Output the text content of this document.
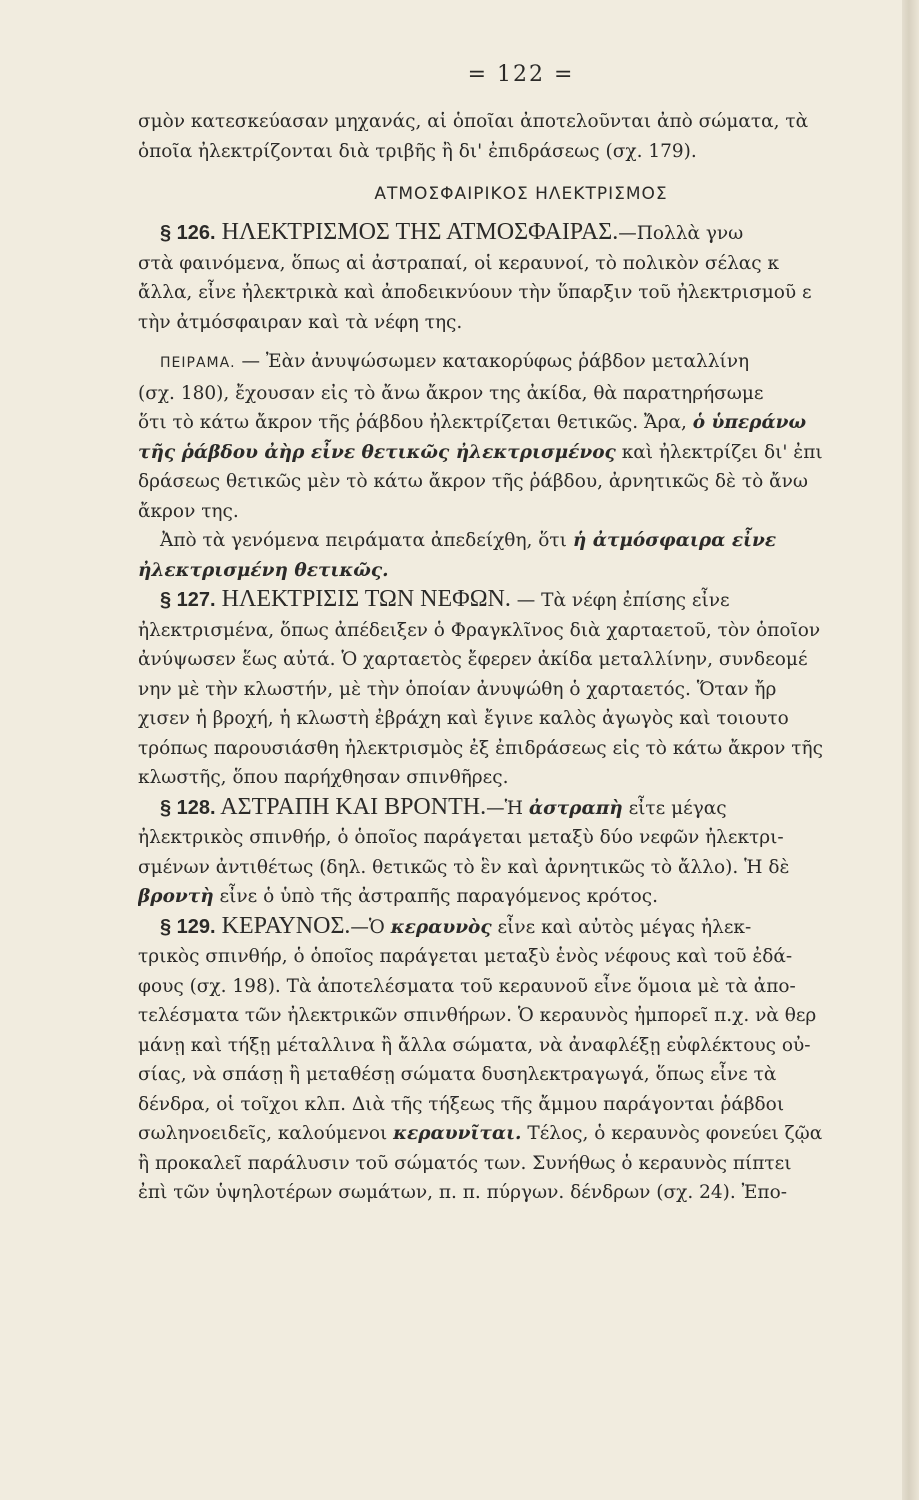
= 122 =

σμὸν κατεσκεύασαν μηχανάς, αἱ ὁποῖαι ἀποτελοῦνται ἀπὸ σώματα, τὰ
ὁποῖα ἠλεκτρίζονται διὰ τριβῆς ἢ δι' ἐπιδράσεως (σχ. 179).

ΑΤΜΟΣΦΑΙΡΙΚΟΣ ΗΛΕΚΤΡΙΣΜΟΣ

§ 126. ΗΛΕΚΤΡΙΣΜΟΣ ΤΗΣ ΑΤΜΟΣΦΑΙΡΑΣ.—Πολλὰ γνω
στὰ φαινόμενα, ὅπως αἱ ἀστραπαί, οἱ κεραυνοί, τὸ πολικὸν σέλας κ
ἄλλα, εἶνε ἠλεκτρικὰ καὶ ἀποδεικνύουν τὴν ὕπαρξιν τοῦ ἠλεκτρισμοῦ ε
τὴν ἀτμόσφαιραν καὶ τὰ νέφη της.

ΠΕΙΡΑΜΑ. — Ἐὰν ἀνυψώσωμεν κατακορύφως ῥάβδον μεταλλίνη
(σχ. 180), ἔχουσαν εἰς τὸ ἄνω ἄκρον της ἀκίδα, θὰ παρατηρήσωμε
ὅτι τὸ κάτω ἄκρον τῆς ῥάβδου ἠλεκτρίζεται θετικῶς. Ἄρα, ὁ ὑπεράνω
τῆς ῥάβδου ἀὴρ εἶνε θετικῶς ἠλεκτρισμένος καὶ ἠλεκτρίζει δι' ἐπι
δράσεως θετικῶς μὲν τὸ κάτω ἄκρον τῆς ῥάβδου, ἀρνητικῶς δὲ τὸ ἄνω
ἄκρον της.
Ἀπὸ τὰ γενόμενα πειράματα ἀπεδείχθη, ὅτι ἡ ἀτμόσφαιρα εἶνε
ἠλεκτρισμένη θετικῶς.

§ 127. ΗΛΕΚΤΡΙΣΙΣ ΤΩΝ ΝΕΦΩΝ. — Τὰ νέφη ἐπίσης εἶνε
ἠλεκτρισμένα, ὅπως ἀπέδειξεν ὁ Φραγκλῖνος διὰ χαρταετοῦ, τὸν ὁποῖον
ἀνύψωσεν ἕως αὐτά. Ὁ χαρταετὸς ἔφερεν ἀκίδα μεταλλίνην, συνδεομέ
νην μὲ τὴν κλωστήν, μὲ τὴν ὁποίαν ἀνυψώθη ὁ χαρταετός. Ὅταν ἤρ
χισεν ἡ βροχή, ἡ κλωστὴ ἐβράχη καὶ ἔγινε καλὸς ἀγωγὸς καὶ τοιουτο
τρόπως παρουσιάσθη ἠλεκτρισμὸς ἐξ ἐπιδράσεως εἰς τὸ κάτω ἄκρον τῆς
κλωστῆς, ὅπου παρήχθησαν σπινθῆρες.

§ 128. ΑΣΤΡΑΠΗ ΚΑΙ ΒΡΟΝΤΗ.—Ἡ ἀστραπὴ εἶτε μέγας
ἠλεκτρικὸς σπινθήρ, ὁ ὁποῖος παράγεται μεταξὺ δύο νεφῶν ἠλεκτρι-
σμένων ἀντιθέτως (δηλ. θετικῶς τὸ ἓν καὶ ἀρνητικῶς τὸ ἄλλο). Ἡ δὲ
βροντὴ εἶνε ὁ ὑπὸ τῆς ἀστραπῆς παραγόμενος κρότος.

§ 129. ΚΕΡΑΥΝΟΣ.—Ὁ κεραυνὸς εἶνε καὶ αὐτὸς μέγας ἠλεκ-
τρικὸς σπινθήρ, ὁ ὁποῖος παράγεται μεταξὺ ἑνὸς νέφους καὶ τοῦ ἐδά-
φους (σχ. 198). Τὰ ἀποτελέσματα τοῦ κεραυνοῦ εἶνε ὅμοια μὲ τὰ ἀπο-
τελέσματα τῶν ἠλεκτρικῶν σπινθήρων. Ὁ κεραυνὸς ἠμπορεῖ π.χ. νὰ θερ
μάνῃ καὶ τήξῃ μέταλλινα ἢ ἄλλα σώματα, νὰ ἀναφλέξῃ εὐφλέκτους οὐ-
σίας, νὰ σπάσῃ ἢ μεταθέσῃ σώματα δυσηλεκτραγωγά, ὅπως εἶνε τὰ
δένδρα, οἱ τοῖχοι κλπ. Διὰ τῆς τήξεως τῆς ἄμμου παράγονται ῥάβδοι
σωληνοειδεῖς, καλούμενοι κεραυνῖται. Τέλος, ὁ κεραυνὸς φονεύει ζῷα
ἢ προκαλεῖ παράλυσιν τοῦ σώματός των. Συνήθως ὁ κεραυνὸς πίπτει
ἐπὶ τῶν ὑψηλοτέρων σωμάτων, π. π. πύργων. δένδρων (σχ. 24). Ἐπο-
